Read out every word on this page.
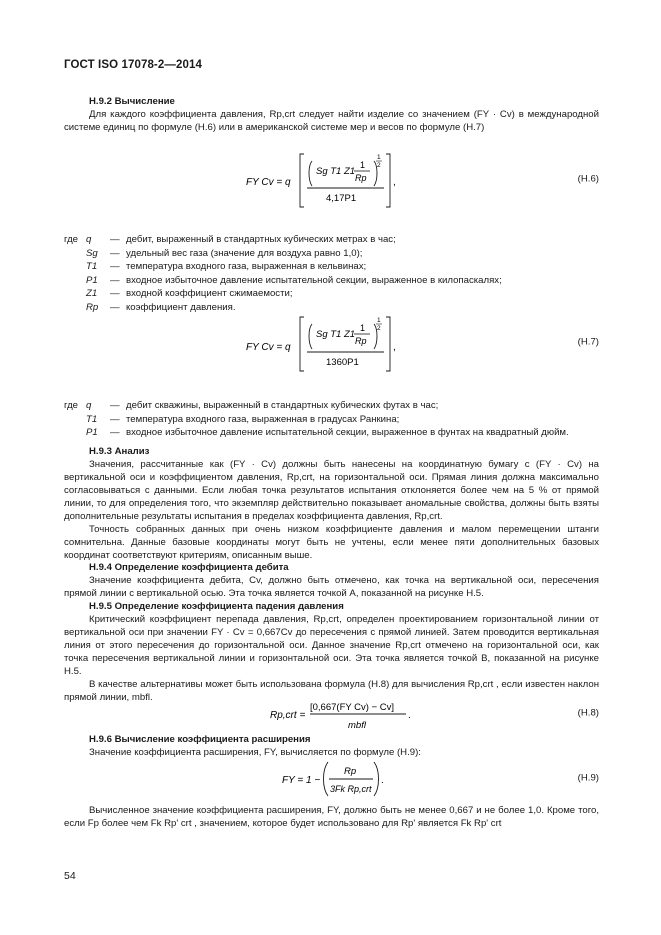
ГОСТ ISO 17078-2—2014
Н.9.2 Вычисление
Для каждого коэффициента давления, Rp,crt следует найти изделие со значением (FY · Cv) в международной системе единиц по формуле (Н.6) или в американской системе мер и весов по формуле (Н.7)
FY Cv = q
Sg T1 Z1
1
Rp
4,17P1
1
2
,	(Н.6)
где q	— дебит, выраженный в стандартных кубических метрах в час;
Sg	— удельный вес газа (значение для воздуха равно 1,0);
T1	— температура входного газа, выраженная в кельвинах;
P1	— входное избыточное давление испытательной секции, выраженное в килопаскалях;
Z1	— входной коэффициент сжимаемости;
Rp	— коэффициент давления.
FY Cv = q
Sg T1 Z1
1
Rp
1360P1
1
2
,	(Н.7)
где q	— дебит скважины, выраженный в стандартных кубических футах в час;
T1	— температура входного газа, выраженная в градусах Ранкина;
P1	— входное избыточное давление испытательной секции, выраженное в фунтах на квадратный дюйм.
Н.9.3 Анализ
Значения, рассчитанные как (FY · Cv) должны быть нанесены на координатную бумагу с (FY · Cv) на вертикальной оси и коэффициентом давления, Rp,crt, на горизонтальной оси. Прямая линия должна максимально согласовываться с данными. Если любая точка результатов испытания отклоняется более чем на 5 % от прямой линии, то для определения того, что экземпляр действительно показывает аномальные свойства, должны быть взяты дополнительные результаты испытания в пределах коэффициента давления, Rp,crt.
Точность собранных данных при очень низком коэффициенте давления и малом перемещении штанги сомнительна. Данные базовые координаты могут быть не учтены, если менее пяти дополнительных базовых координат соответствуют критериям, описанным выше.
Н.9.4 Определение коэффициента дебита
Значение коэффициента дебита, Cv, должно быть отмечено, как точка на вертикальной оси, пересечения прямой линии с вертикальной осью. Эта точка является точкой А, показанной на рисунке Н.5.
Н.9.5 Определение коэффициента падения давления
Критический коэффициент перепада давления, Rp,crt, определен проектированием горизонтальной линии от вертикальной оси при значении FY · Cv = 0,667Cv до пересечения с прямой линией. Затем проводится вертикальная линия от этого пересечения до горизонтальной оси. Данное значение Rp,crt отмечено на горизонтальной оси, как точка пересечения вертикальной линии и горизонтальной оси. Эта точка является точкой В, показанной на рисунке Н.5.
В качестве альтернативы может быть использована формула (Н.8) для вычисления Rp,crt , если известен наклон прямой линии, mbfl.
Rp,crt =
[0,667(FY Cv) − Cv]
mbfl
.	(Н.8)
Н.9.6 Вычисление коэффициента расширения
Значение коэффициента расширения, FY, вычисляется по формуле (Н.9):
FY = 1 −
Rp
3Fk Rp,crt
.	(Н.9)
Вычисленное значение коэффициента расширения, FY, должно быть не менее 0,667 и не более 1,0. Кроме того, если Fp более чем Fk Rp' crt , значением, которое будет использовано для Rp' является Fk Rp' crt
54
